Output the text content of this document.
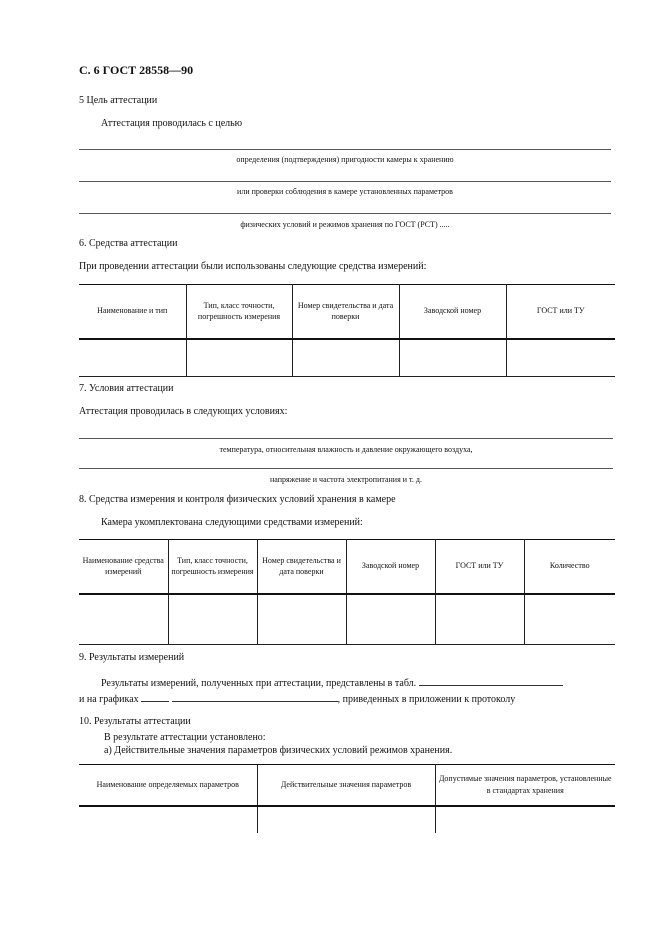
С. 6 ГОСТ 28558—90
5 Цель аттестации
Аттестация проводилась с целью
определения (подтверждения) пригодности камеры к хранению
или проверки соблюдения в камере установленных параметров
физических условий и режимов хранения по ГОСТ (РСТ) .....
6. Средства аттестации
При проведении аттестации были использованы следующие средства измерений:
Наименование и тип	Тип, класс точности, погрешность измерения	Номер свидетельства и дата поверки	Заводской номер	ГОСТ или ТУ

7. Условия аттестации
Аттестация проводилась в следующих условиях:
температура, относительная влажность и давление окружающего воздуха,
напряжение и частота электропитания и т. д.
8. Средства измерения и контроля физических условий хранения в камере
Камера укомплектована следующими средствами измерений:
Наименование средства измерений	Тип, класс точности, погрешность измерения	Номер свидетельства и дата поверки	Заводской номер	ГОСТ или ТУ	Количество

9. Результаты измерений
Результаты измерений, полученных при аттестации, представлены в табл.
и на графиках	, приведенных в приложении к протоколу
10. Результаты аттестации
В результате аттестации установлено:
а) Действительные значения параметров физических условий режимов хранения.
Наименование определяемых параметров	Действительные значения параметров	Допустимые значения параметров, установленные в стандартах хранения
